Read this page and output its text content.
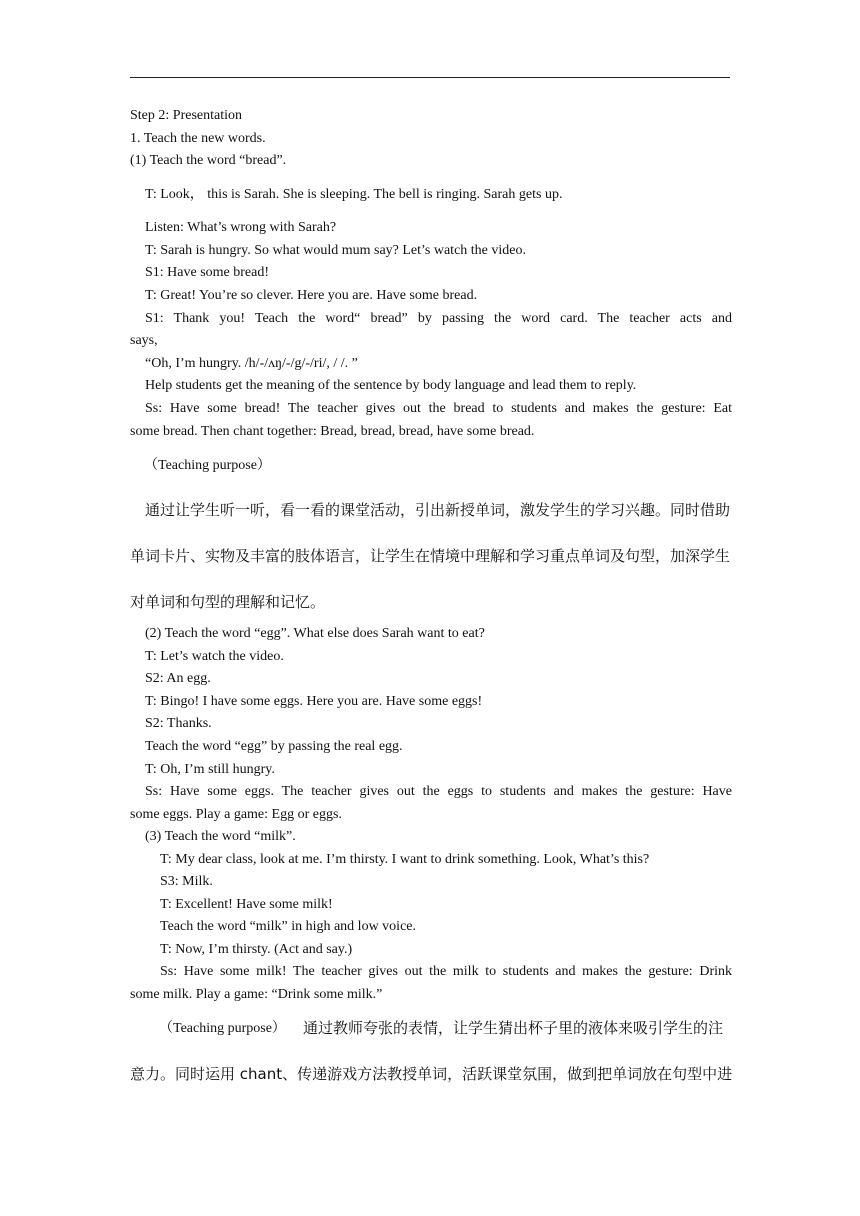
Step 2: Presentation
1. Teach the new words.
(1) Teach the word “bread”.
T: Look， this is Sarah. She is sleeping. The bell is ringing. Sarah gets up.
Listen: What’s wrong with Sarah?
T: Sarah is hungry. So what would mum say? Let’s watch the video.
S1: Have some bread!
T: Great! You’re so clever. Here you are. Have some bread.
S1: Thank you! Teach the word“ bread” by passing the word card. The teacher acts and
says,
“Oh, I’m hungry. /h/-/ʌŋ/-/g/-/ri/, / /. ”
Help students get the meaning of the sentence by body language and lead them to reply.
Ss: Have some bread! The teacher gives out the bread to students and makes the gesture: Eat
some bread. Then chant together: Bread, bread, bread, have some bread.
（Teaching purpose）
通过让学生听一听，看一看的课堂活动，引出新授单词，激发学生的学习兴趣。同时借助
单词卡片、实物及丰富的肢体语言，让学生在情境中理解和学习重点单词及句型，加深学生
对单词和句型的理解和记忆。
(2) Teach the word “egg”. What else does Sarah want to eat?
T: Let’s watch the video.
S2: An egg.
T: Bingo! I have some eggs. Here you are. Have some eggs!
S2: Thanks.
Teach the word “egg” by passing the real egg.
T: Oh, I’m still hungry.
Ss: Have some eggs. The teacher gives out the eggs to students and makes the gesture: Have
some eggs. Play a game: Egg or eggs.
(3) Teach the word “milk”.
T: My dear class, look at me. I’m thirsty. I want to drink something. Look, What’s this?
S3: Milk.
T: Excellent! Have some milk!
Teach the word “milk” in high and low voice.
T: Now, I’m thirsty. (Act and say.)
Ss: Have some milk! The teacher gives out the milk to students and makes the gesture: Drink
some milk. Play a game: “Drink some milk.”
（Teaching purpose） 通过教师夸张的表情，让学生猜出杯子里的液体来吸引学生的注
意力。同时运用 chant、传递游戏方法教授单词，活跃课堂氛围，做到把单词放在句型中进
